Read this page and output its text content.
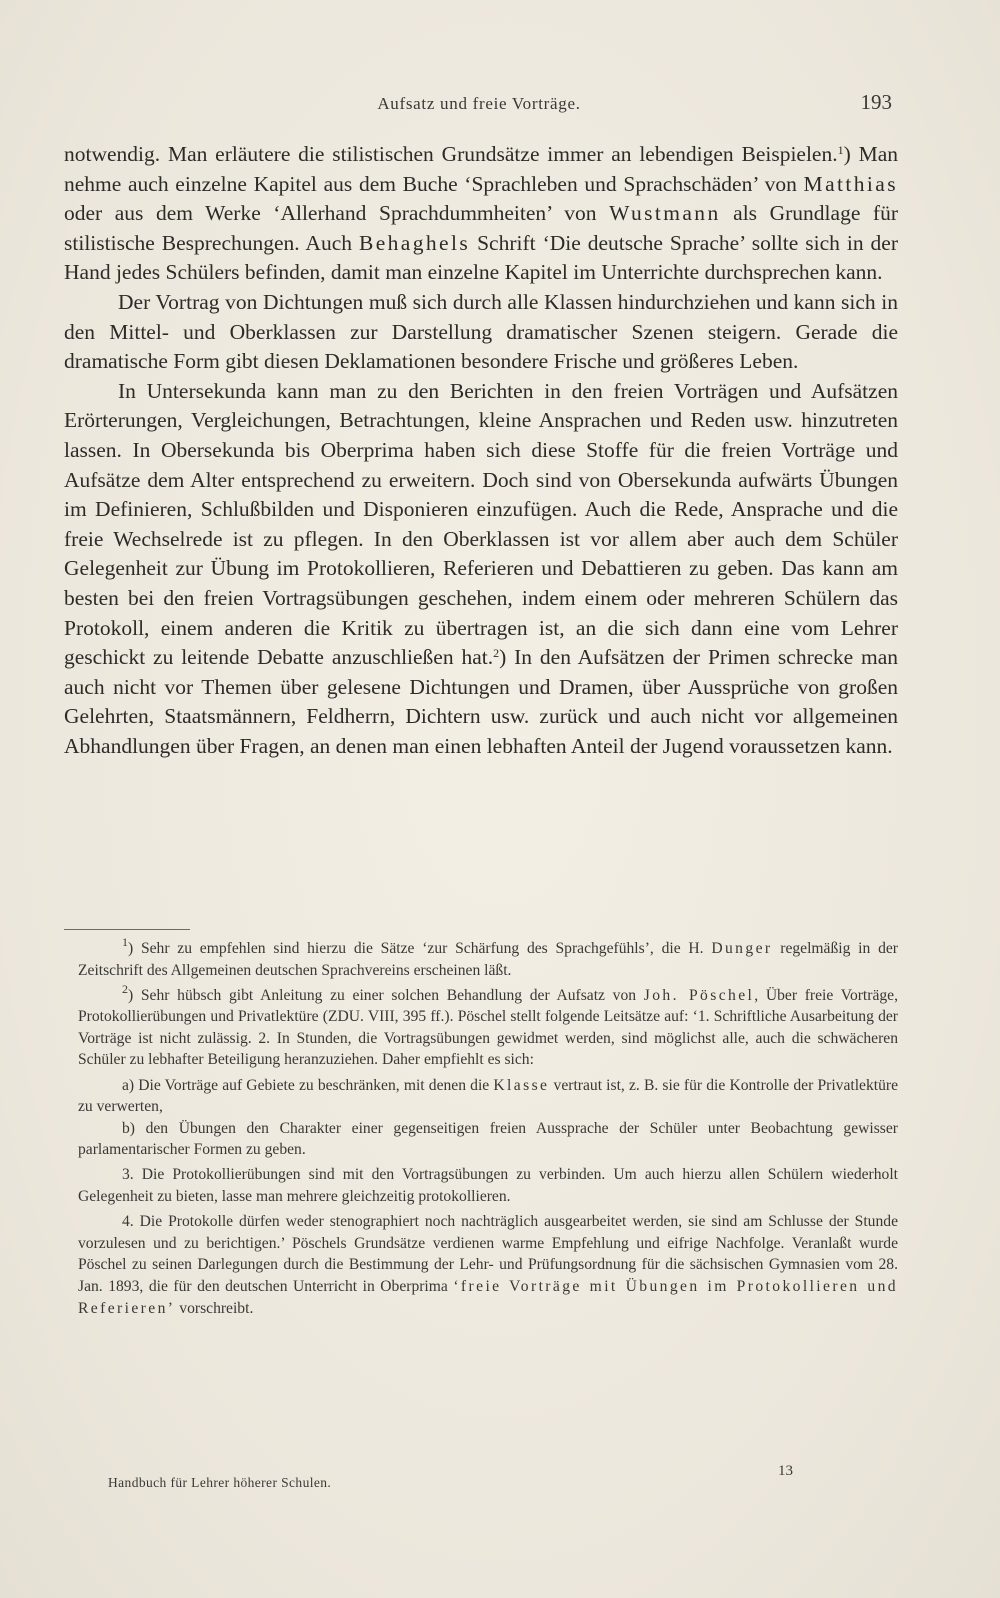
Aufsatz und freie Vorträge.	193

notwendig. Man erläutere die stilistischen Grundsätze immer an lebendigen Beispielen.$^1$) Man nehme auch einzelne Kapitel aus dem Buche ‘Sprachleben und Sprachschäden’ von Matthias oder aus dem Werke ‘Allerhand Sprachdummheiten’ von Wustmann als Grundlage für stilistische Besprechungen. Auch Behaghels Schrift ‘Die deutsche Sprache’ sollte sich in der Hand jedes Schülers befinden, damit man einzelne Kapitel im Unterrichte durchsprechen kann.

Der Vortrag von Dichtungen muß sich durch alle Klassen hindurchziehen und kann sich in den Mittel- und Oberklassen zur Darstellung dramatischer Szenen steigern. Gerade die dramatische Form gibt diesen Deklamationen besondere Frische und größeres Leben.

In Untersekunda kann man zu den Berichten in den freien Vorträgen und Aufsätzen Erörterungen, Vergleichungen, Betrachtungen, kleine Ansprachen und Reden usw. hinzutreten lassen. In Obersekunda bis Oberprima haben sich diese Stoffe für die freien Vorträge und Aufsätze dem Alter entsprechend zu erweitern. Doch sind von Obersekunda aufwärts Übungen im Definieren, Schlußbilden und Disponieren einzufügen. Auch die Rede, Ansprache und die freie Wechselrede ist zu pflegen. In den Oberklassen ist vor allem aber auch dem Schüler Gelegenheit zur Übung im Protokollieren, Referieren und Debattieren zu geben. Das kann am besten bei den freien Vortragsübungen geschehen, indem einem oder mehreren Schülern das Protokoll, einem anderen die Kritik zu übertragen ist, an die sich dann eine vom Lehrer geschickt zu leitende Debatte anzuschließen hat.$^2$) In den Aufsätzen der Primen schrecke man auch nicht vor Themen über gelesene Dichtungen und Dramen, über Aussprüche von großen Gelehrten, Staatsmännern, Feldherrn, Dichtern usw. zurück und auch nicht vor allgemeinen Abhandlungen über Fragen, an denen man einen lebhaften Anteil der Jugend voraussetzen kann.

$^1$) Sehr zu empfehlen sind hierzu die Sätze ‘zur Schärfung des Sprachgefühls’, die H. Dunger regelmäßig in der Zeitschrift des Allgemeinen deutschen Sprachvereins erscheinen läßt.

$^2$) Sehr hübsch gibt Anleitung zu einer solchen Behandlung der Aufsatz von Joh. Pöschel, Über freie Vorträge, Protokollierübungen und Privatlektüre (ZDU. VIII, 395 ff.). Pöschel stellt folgende Leitsätze auf: ‘1. Schriftliche Ausarbeitung der Vorträge ist nicht zulässig. 2. In Stunden, die Vortragsübungen gewidmet werden, sind möglichst alle, auch die schwächeren Schüler zu lebhafter Beteiligung heranzuziehen. Daher empfiehlt es sich:

a) Die Vorträge auf Gebiete zu beschränken, mit denen die Klasse vertraut ist, z. B. sie für die Kontrolle der Privatlektüre zu verwerten,

b) den Übungen den Charakter einer gegenseitigen freien Aussprache der Schüler unter Beobachtung gewisser parlamentarischer Formen zu geben.

3. Die Protokollierübungen sind mit den Vortragsübungen zu verbinden. Um auch hierzu allen Schülern wiederholt Gelegenheit zu bieten, lasse man mehrere gleichzeitig protokollieren.

4. Die Protokolle dürfen weder stenographiert noch nachträglich ausgearbeitet werden, sie sind am Schlusse der Stunde vorzulesen und zu berichtigen.’ Pöschels Grundsätze verdienen warme Empfehlung und eifrige Nachfolge. Veranlaßt wurde Pöschel zu seinen Darlegungen durch die Bestimmung der Lehr- und Prüfungsordnung für die sächsischen Gymnasien vom 28. Jan. 1893, die für den deutschen Unterricht in Oberprima ‘freie Vorträge mit Übungen im Protokollieren und Referieren’ vorschreibt.

13
Handbuch für Lehrer höherer Schulen.
